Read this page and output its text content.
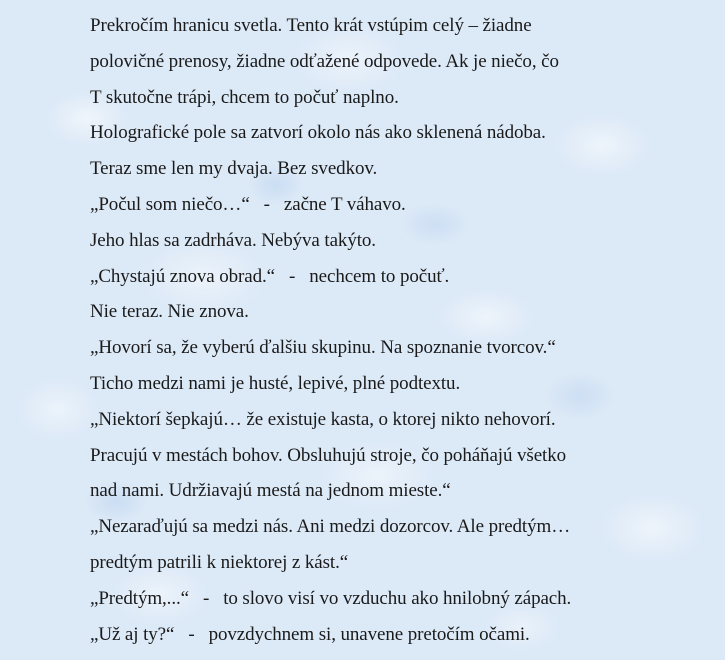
Prekročím hranicu svetla. Tento krát vstúpim celý – žiadne
polovičné prenosy, žiadne odťažené odpovede. Ak je niečo, čo
T skutočne trápi, chcem to počuť naplno.
Holografické pole sa zatvorí okolo nás ako sklenená nádoba.
Teraz sme len my dvaja. Bez svedkov.
„Počul som niečo…“ - začne T váhavo.
Jeho hlas sa zadrháva. Nebýva takýto.
„Chystajú znova obrad.“ - nechcem to počuť.
Nie teraz. Nie znova.
„Hovorí sa, že vyberú ďalšiu skupinu. Na spoznanie tvorcov.“
Ticho medzi nami je husté, lepivé, plné podtextu.
„Niektorí šepkajú… že existuje kasta, o ktorej nikto nehovorí.
Pracujú v mestách bohov. Obsluhujú stroje, čo poháňajú všetko
nad nami. Udržiavajú mestá na jednom mieste.“
„Nezaraďujú sa medzi nás. Ani medzi dozorcov. Ale predtým…
predtým patrili k niektorej z kást.“
„Predtým,...“ - to slovo visí vo vzduchu ako hnilobný zápach.
„Už aj ty?“ - povzdychnem si, unavene pretočím očami.
